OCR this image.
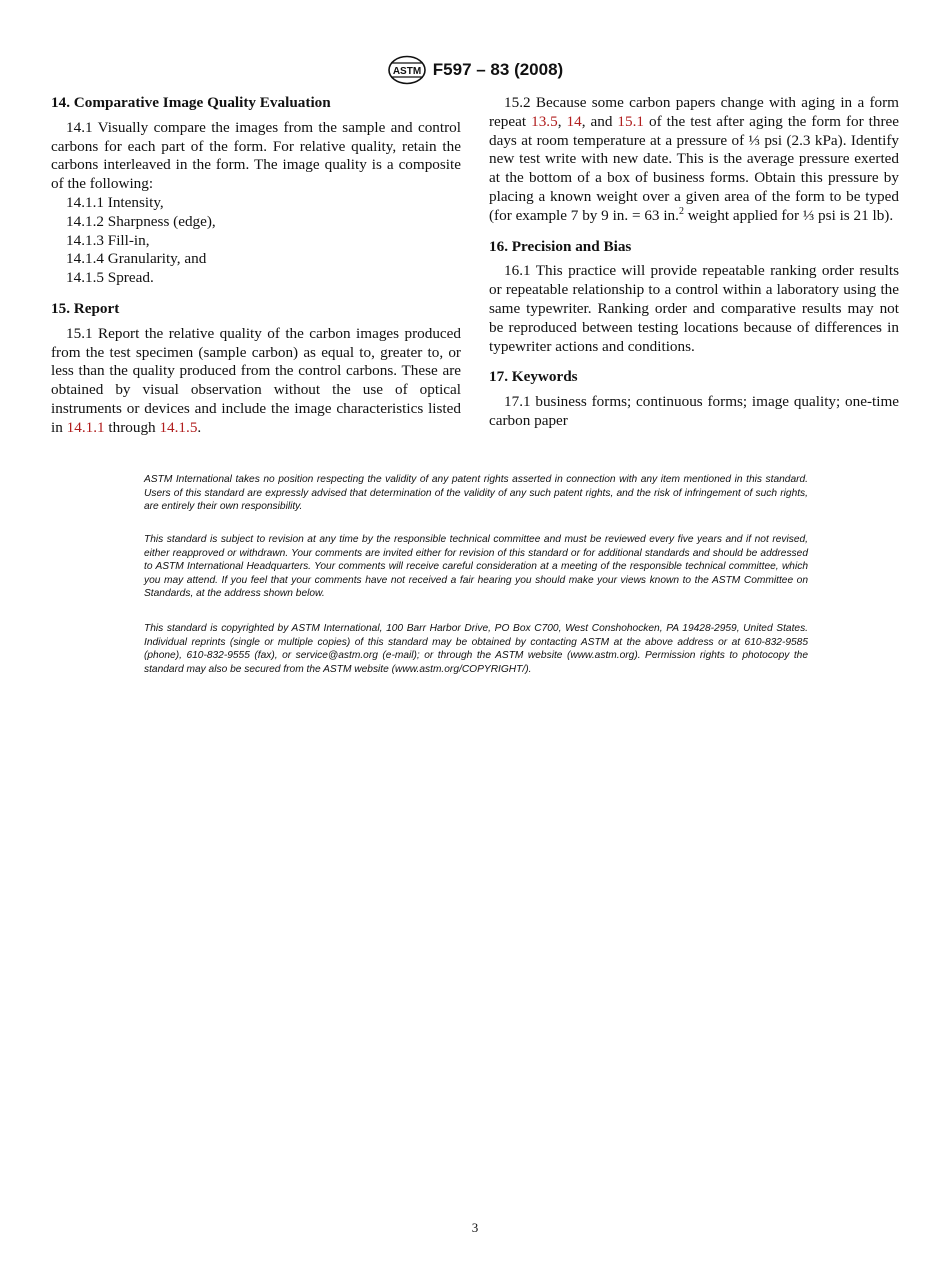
ASTM F597 – 83 (2008)
14. Comparative Image Quality Evaluation

14.1 Visually compare the images from the sample and control carbons for each part of the form. For relative quality, retain the carbons interleaved in the form. The image quality is a composite of the following:

14.1.1 Intensity,

14.1.2 Sharpness (edge),

14.1.3 Fill-in,

14.1.4 Granularity, and

14.1.5 Spread.

15. Report

15.1 Report the relative quality of the carbon images produced from the test specimen (sample carbon) as equal to, greater to, or less than the quality produced from the control carbons. These are obtained by visual observation without the use of optical instruments or devices and include the image characteristics listed in 14.1.1 through 14.1.5.

15.2 Because some carbon papers change with aging in a form repeat 13.5, 14, and 15.1 of the test after aging the form for three days at room temperature at a pressure of ⅓ psi (2.3 kPa). Identify new test write with new date. This is the average pressure exerted at the bottom of a box of business forms. Obtain this pressure by placing a known weight over a given area of the form to be typed (for example 7 by 9 in. = 63 in.$^2$ weight applied for ⅓ psi is 21 lb).

16. Precision and Bias

16.1 This practice will provide repeatable ranking order results or repeatable relationship to a control within a laboratory using the same typewriter. Ranking order and comparative results may not be reproduced between testing locations because of differences in typewriter actions and conditions.

17. Keywords

17.1 business forms; continuous forms; image quality; one-time carbon paper

ASTM International takes no position respecting the validity of any patent rights asserted in connection with any item mentioned in this standard. Users of this standard are expressly advised that determination of the validity of any such patent rights, and the risk of infringement of such rights, are entirely their own responsibility.

This standard is subject to revision at any time by the responsible technical committee and must be reviewed every five years and if not revised, either reapproved or withdrawn. Your comments are invited either for revision of this standard or for additional standards and should be addressed to ASTM International Headquarters. Your comments will receive careful consideration at a meeting of the responsible technical committee, which you may attend. If you feel that your comments have not received a fair hearing you should make your views known to the ASTM Committee on Standards, at the address shown below.

This standard is copyrighted by ASTM International, 100 Barr Harbor Drive, PO Box C700, West Conshohocken, PA 19428-2959, United States. Individual reprints (single or multiple copies) of this standard may be obtained by contacting ASTM at the above address or at 610-832-9585 (phone), 610-832-9555 (fax), or service@astm.org (e-mail); or through the ASTM website (www.astm.org). Permission rights to photocopy the standard may also be secured from the ASTM website (www.astm.org/COPYRIGHT/).

3
